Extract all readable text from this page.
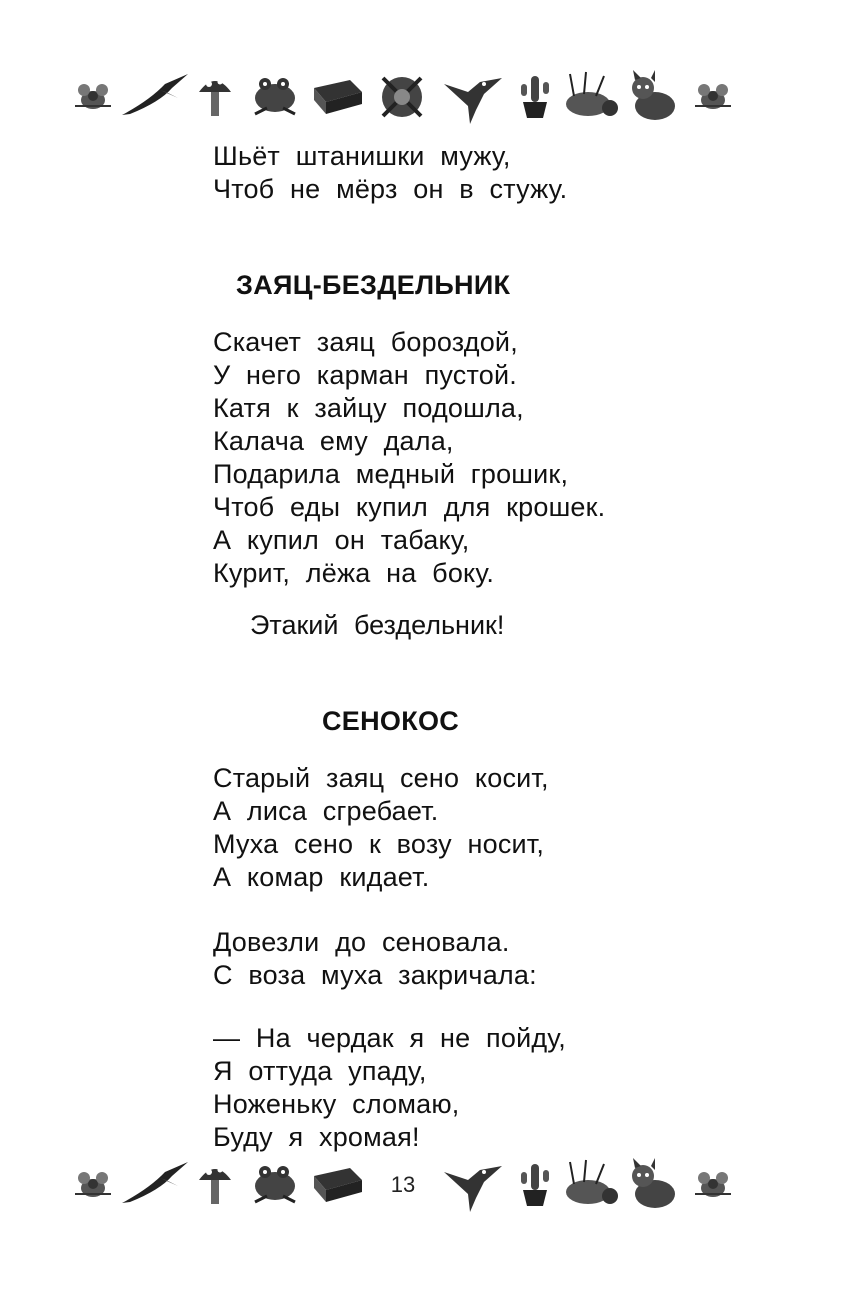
Шьёт штанишки мужу,
Чтоб не мёрз он в стужу.
ЗАЯЦ-БЕЗДЕЛЬНИК
Скачет заяц бороздой,
У него карман пустой.
Катя к зайцу подошла,
Калача ему дала,
Подарила медный грошик,
Чтоб еды купил для крошек.
А купил он табаку,
Курит, лёжа на боку.

Этакий бездельник!

СЕНОКОС
Старый заяц сено косит,
А лиса сгребает.
Муха сено к возу носит,
А комар кидает.
Довезли до сеновала.
С воза муха закричала:
— На чердак я не пойду,
Я оттуда упаду,
Ноженьку сломаю,
Буду я хромая!
13
